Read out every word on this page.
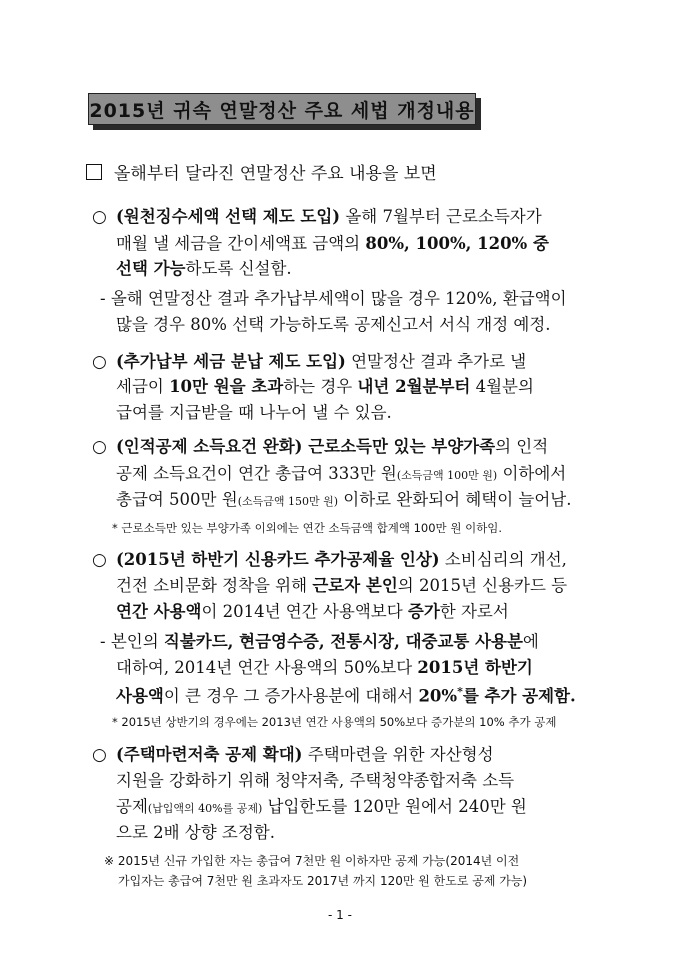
2015년 귀속 연말정산 주요 세법 개정내용
올해부터 달라진 연말정산 주요 내용을 보면
○ (원천징수세액 선택 제도 도입) 올해 7월부터 근로소득자가
매월 낼 세금을 간이세액표 금액의 80%, 100%, 120% 중
선택 가능하도록 신설함.
- 올해 연말정산 결과 추가납부세액이 많을 경우 120%, 환급액이
많을 경우 80% 선택 가능하도록 공제신고서 서식 개정 예정.
○ (추가납부 세금 분납 제도 도입) 연말정산 결과 추가로 낼
세금이 10만 원을 초과하는 경우 내년 2월분부터 4월분의
급여를 지급받을 때 나누어 낼 수 있음.
○ (인적공제 소득요건 완화) 근로소득만 있는 부양가족의 인적
공제 소득요건이 연간 총급여 333만 원(소득금액 100만 원) 이하에서
총급여 500만 원(소득금액 150만 원) 이하로 완화되어 혜택이 늘어남.
* 근로소득만 있는 부양가족 이외에는 연간 소득금액 합계액 100만 원 이하임.
○ (2015년 하반기 신용카드 추가공제율 인상) 소비심리의 개선,
건전 소비문화 정착을 위해 근로자 본인의 2015년 신용카드 등
연간 사용액이 2014년 연간 사용액보다 증가한 자로서
- 본인의 직불카드, 현금영수증, 전통시장, 대중교통 사용분에
대하여, 2014년 연간 사용액의 50%보다 2015년 하반기
사용액이 큰 경우 그 증가사용분에 대해서 20%*를 추가 공제함.
* 2015년 상반기의 경우에는 2013년 연간 사용액의 50%보다 증가분의 10% 추가 공제
○ (주택마련저축 공제 확대) 주택마련을 위한 자산형성
지원을 강화하기 위해 청약저축, 주택청약종합저축 소득
공제(납입액의 40%를 공제) 납입한도를 120만 원에서 240만 원
으로 2배 상향 조정함.
※ 2015년 신규 가입한 자는 총급여 7천만 원 이하자만 공제 가능(2014년 이전
가입자는 총급여 7천만 원 초과자도 2017년 까지 120만 원 한도로 공제 가능)
- 1 -
